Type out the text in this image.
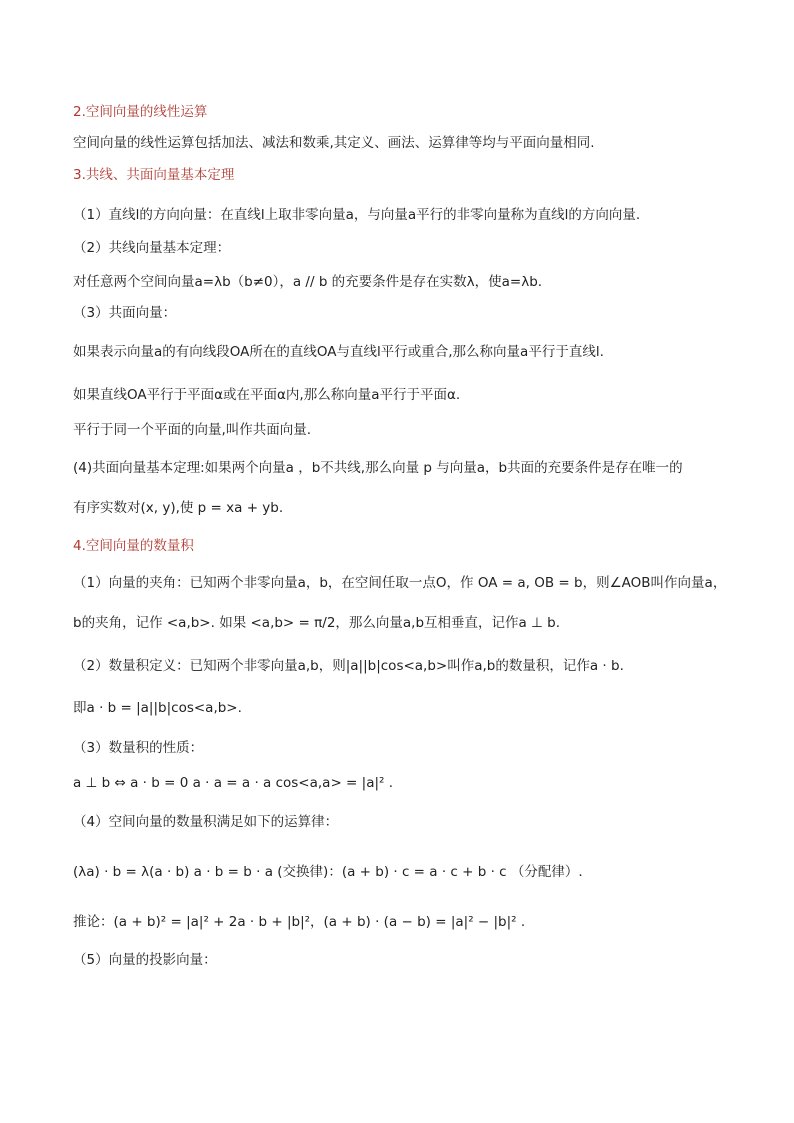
2.空间向量的线性运算
空间向量的线性运算包括加法、减法和数乘,其定义、画法、运算律等均与平面向量相同.
3.共线、共面向量基本定理
（1）直线l的方向向量：在直线l上取非零向量a，与向量a平行的非零向量称为直线l的方向向量.
（2）共线向量基本定理：
对任意两个空间向量a=λb（b≠0），a // b 的充要条件是存在实数λ，使a=λb.
（3）共面向量：
如果表示向量a的有向线段OA所在的直线OA与直线l平行或重合,那么称向量a平行于直线l.
如果直线OA平行于平面α或在平面α内,那么称向量a平行于平面α.
平行于同一个平面的向量,叫作共面向量.
(4)共面向量基本定理:如果两个向量a ，b不共线,那么向量 p 与向量a，b共面的充要条件是存在唯一的
有序实数对(x, y),使 p = xa + yb.
4.空间向量的数量积
（1）向量的夹角：已知两个非零向量a，b，在空间任取一点O，作 OA = a, OB = b，则∠AOB叫作向量a，
b的夹角，记作 <a,b>. 如果 <a,b> = π/2，那么向量a,b互相垂直，记作a ⊥ b.
（2）数量积定义：已知两个非零向量a,b，则|a||b|cos<a,b>叫作a,b的数量积，记作a · b.
即a · b = |a||b|cos<a,b>.
（3）数量积的性质：
a ⊥ b ⇔ a · b = 0 a · a = a · a cos<a,a> = |a|² .
（4）空间向量的数量积满足如下的运算律：
(λa) · b = λ(a · b) a · b = b · a (交换律)：(a + b) · c = a · c + b · c （分配律）.
推论：(a + b)² = |a|² + 2a · b + |b|²，(a + b) · (a − b) = |a|² − |b|² .
（5）向量的投影向量：
